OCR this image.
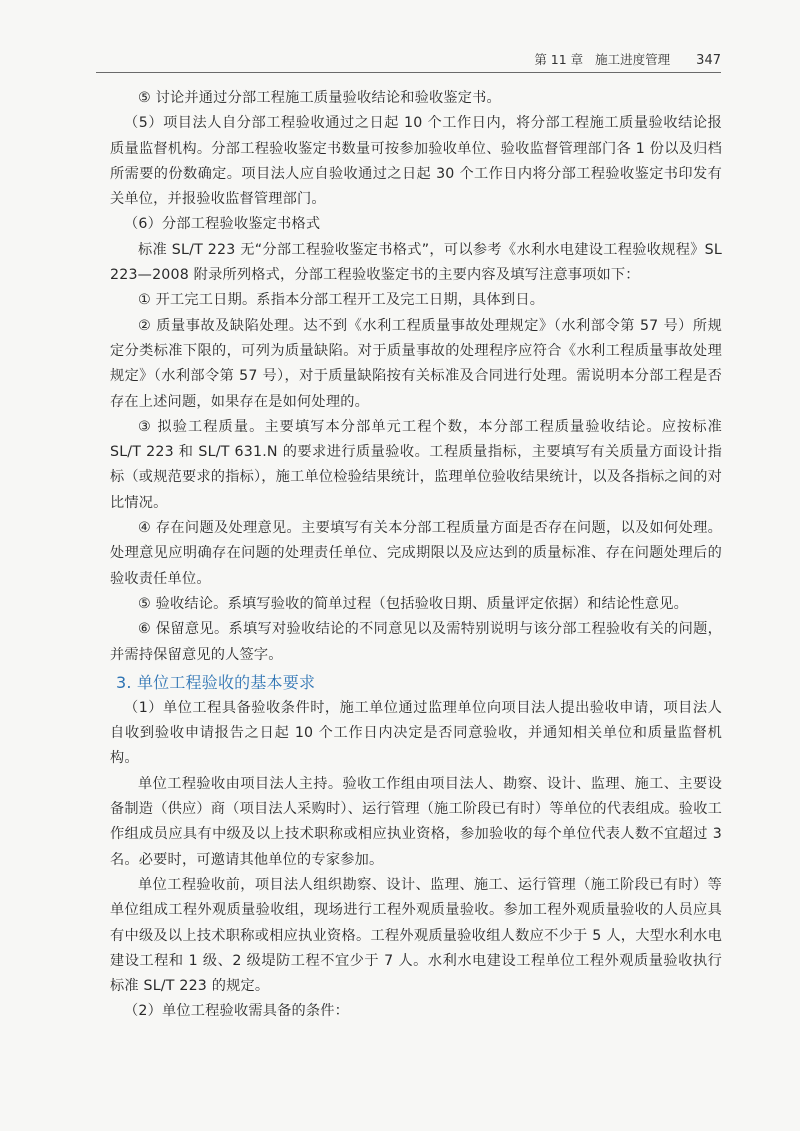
第 11 章 施工进度管理 347

⑤ 讨论并通过分部工程施工质量验收结论和验收鉴定书。

（5）项目法人自分部工程验收通过之日起 10 个工作日内，将分部工程施工质量验收结论报质量监督机构。分部工程验收鉴定书数量可按参加验收单位、验收监督管理部门各 1 份以及归档所需要的份数确定。项目法人应自验收通过之日起 30 个工作日内将分部工程验收鉴定书印发有关单位，并报验收监督管理部门。

（6）分部工程验收鉴定书格式

标准 SL/T 223 无“分部工程验收鉴定书格式”，可以参考《水利水电建设工程验收规程》SL 223—2008 附录所列格式，分部工程验收鉴定书的主要内容及填写注意事项如下：

① 开工完工日期。系指本分部工程开工及完工日期，具体到日。

② 质量事故及缺陷处理。达不到《水利工程质量事故处理规定》（水利部令第 57 号）所规定分类标准下限的，可列为质量缺陷。对于质量事故的处理程序应符合《水利工程质量事故处理规定》（水利部令第 57 号），对于质量缺陷按有关标准及合同进行处理。需说明本分部工程是否存在上述问题，如果存在是如何处理的。

③ 拟验工程质量。主要填写本分部单元工程个数，本分部工程质量验收结论。应按标准 SL/T 223 和 SL/T 631.N 的要求进行质量验收。工程质量指标，主要填写有关质量方面设计指标（或规范要求的指标），施工单位检验结果统计，监理单位验收结果统计，以及各指标之间的对比情况。

④ 存在问题及处理意见。主要填写有关本分部工程质量方面是否存在问题，以及如何处理。处理意见应明确存在问题的处理责任单位、完成期限以及应达到的质量标准、存在问题处理后的验收责任单位。

⑤ 验收结论。系填写验收的简单过程（包括验收日期、质量评定依据）和结论性意见。

⑥ 保留意见。系填写对验收结论的不同意见以及需特别说明与该分部工程验收有关的问题，并需持保留意见的人签字。

3. 单位工程验收的基本要求

（1）单位工程具备验收条件时，施工单位通过监理单位向项目法人提出验收申请，项目法人自收到验收申请报告之日起 10 个工作日内决定是否同意验收，并通知相关单位和质量监督机构。

单位工程验收由项目法人主持。验收工作组由项目法人、勘察、设计、监理、施工、主要设备制造（供应）商（项目法人采购时）、运行管理（施工阶段已有时）等单位的代表组成。验收工作组成员应具有中级及以上技术职称或相应执业资格，参加验收的每个单位代表人数不宜超过 3 名。必要时，可邀请其他单位的专家参加。

单位工程验收前，项目法人组织勘察、设计、监理、施工、运行管理（施工阶段已有时）等单位组成工程外观质量验收组，现场进行工程外观质量验收。参加工程外观质量验收的人员应具有中级及以上技术职称或相应执业资格。工程外观质量验收组人数应不少于 5 人，大型水利水电建设工程和 1 级、2 级堤防工程不宜少于 7 人。水利水电建设工程单位工程外观质量验收执行标准 SL/T 223 的规定。

（2）单位工程验收需具备的条件：
